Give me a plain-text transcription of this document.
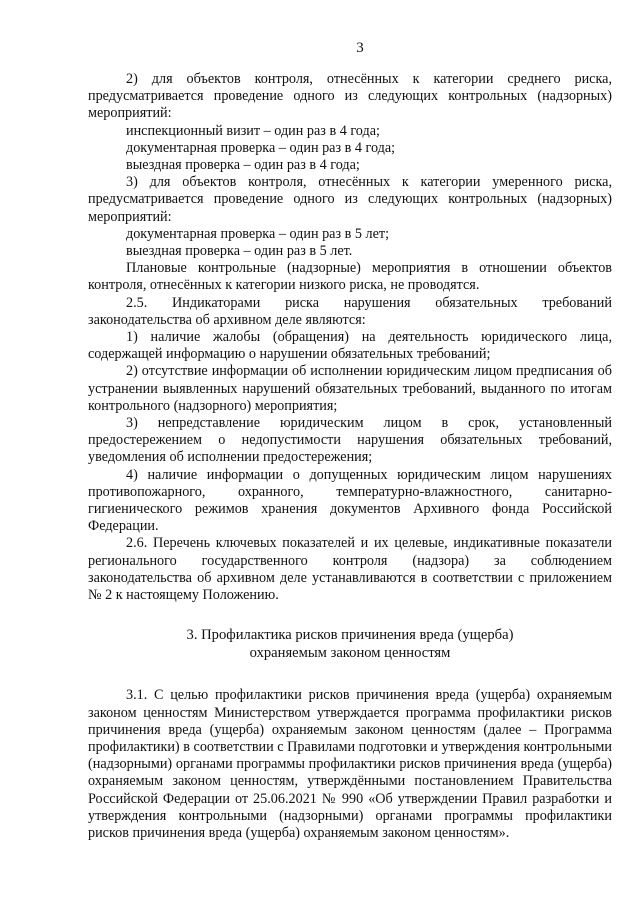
3

2) для объектов контроля, отнесённых к категории среднего риска, предусматривается проведение одного из следующих контрольных (надзорных) мероприятий:

инспекционный визит – один раз в 4 года;

документарная проверка – один раз в 4 года;

выездная проверка – один раз в 4 года;

3) для объектов контроля, отнесённых к категории умеренного риска, предусматривается проведение одного из следующих контрольных (надзорных) мероприятий:

документарная проверка – один раз в 5 лет;

выездная проверка – один раз в 5 лет.

Плановые контрольные (надзорные) мероприятия в отношении объектов контроля, отнесённых к категории низкого риска, не проводятся.

2.5. Индикаторами риска нарушения обязательных требований законодательства об архивном деле являются:

1) наличие жалобы (обращения) на деятельность юридического лица, содержащей информацию о нарушении обязательных требований;

2) отсутствие информации об исполнении юридическим лицом предписания об устранении выявленных нарушений обязательных требований, выданного по итогам контрольного (надзорного) мероприятия;

3) непредставление юридическим лицом в срок, установленный предостережением о недопустимости нарушения обязательных требований, уведомления об исполнении предостережения;

4) наличие информации о допущенных юридическим лицом нарушениях противопожарного, охранного, температурно-влажностного, санитарно-гигиенического режимов хранения документов Архивного фонда Российской Федерации.

2.6. Перечень ключевых показателей и их целевые, индикативные показатели регионального государственного контроля (надзора) за соблюдением законодательства об архивном деле устанавливаются в соответствии с приложением № 2 к настоящему Положению.

3. Профилактика рисков причинения вреда (ущерба)
охраняемым законом ценностям

3.1. С целью профилактики рисков причинения вреда (ущерба) охраняемым законом ценностям Министерством утверждается программа профилактики рисков причинения вреда (ущерба) охраняемым законом ценностям (далее – Программа профилактики) в соответствии с Правилами подготовки и утверждения контрольными (надзорными) органами программы профилактики рисков причинения вреда (ущерба) охраняемым законом ценностям, утверждёнными постановлением Правительства Российской Федерации от 25.06.2021 № 990 «Об утверждении Правил разработки и утверждения контрольными (надзорными) органами программы профилактики рисков причинения вреда (ущерба) охраняемым законом ценностям».
